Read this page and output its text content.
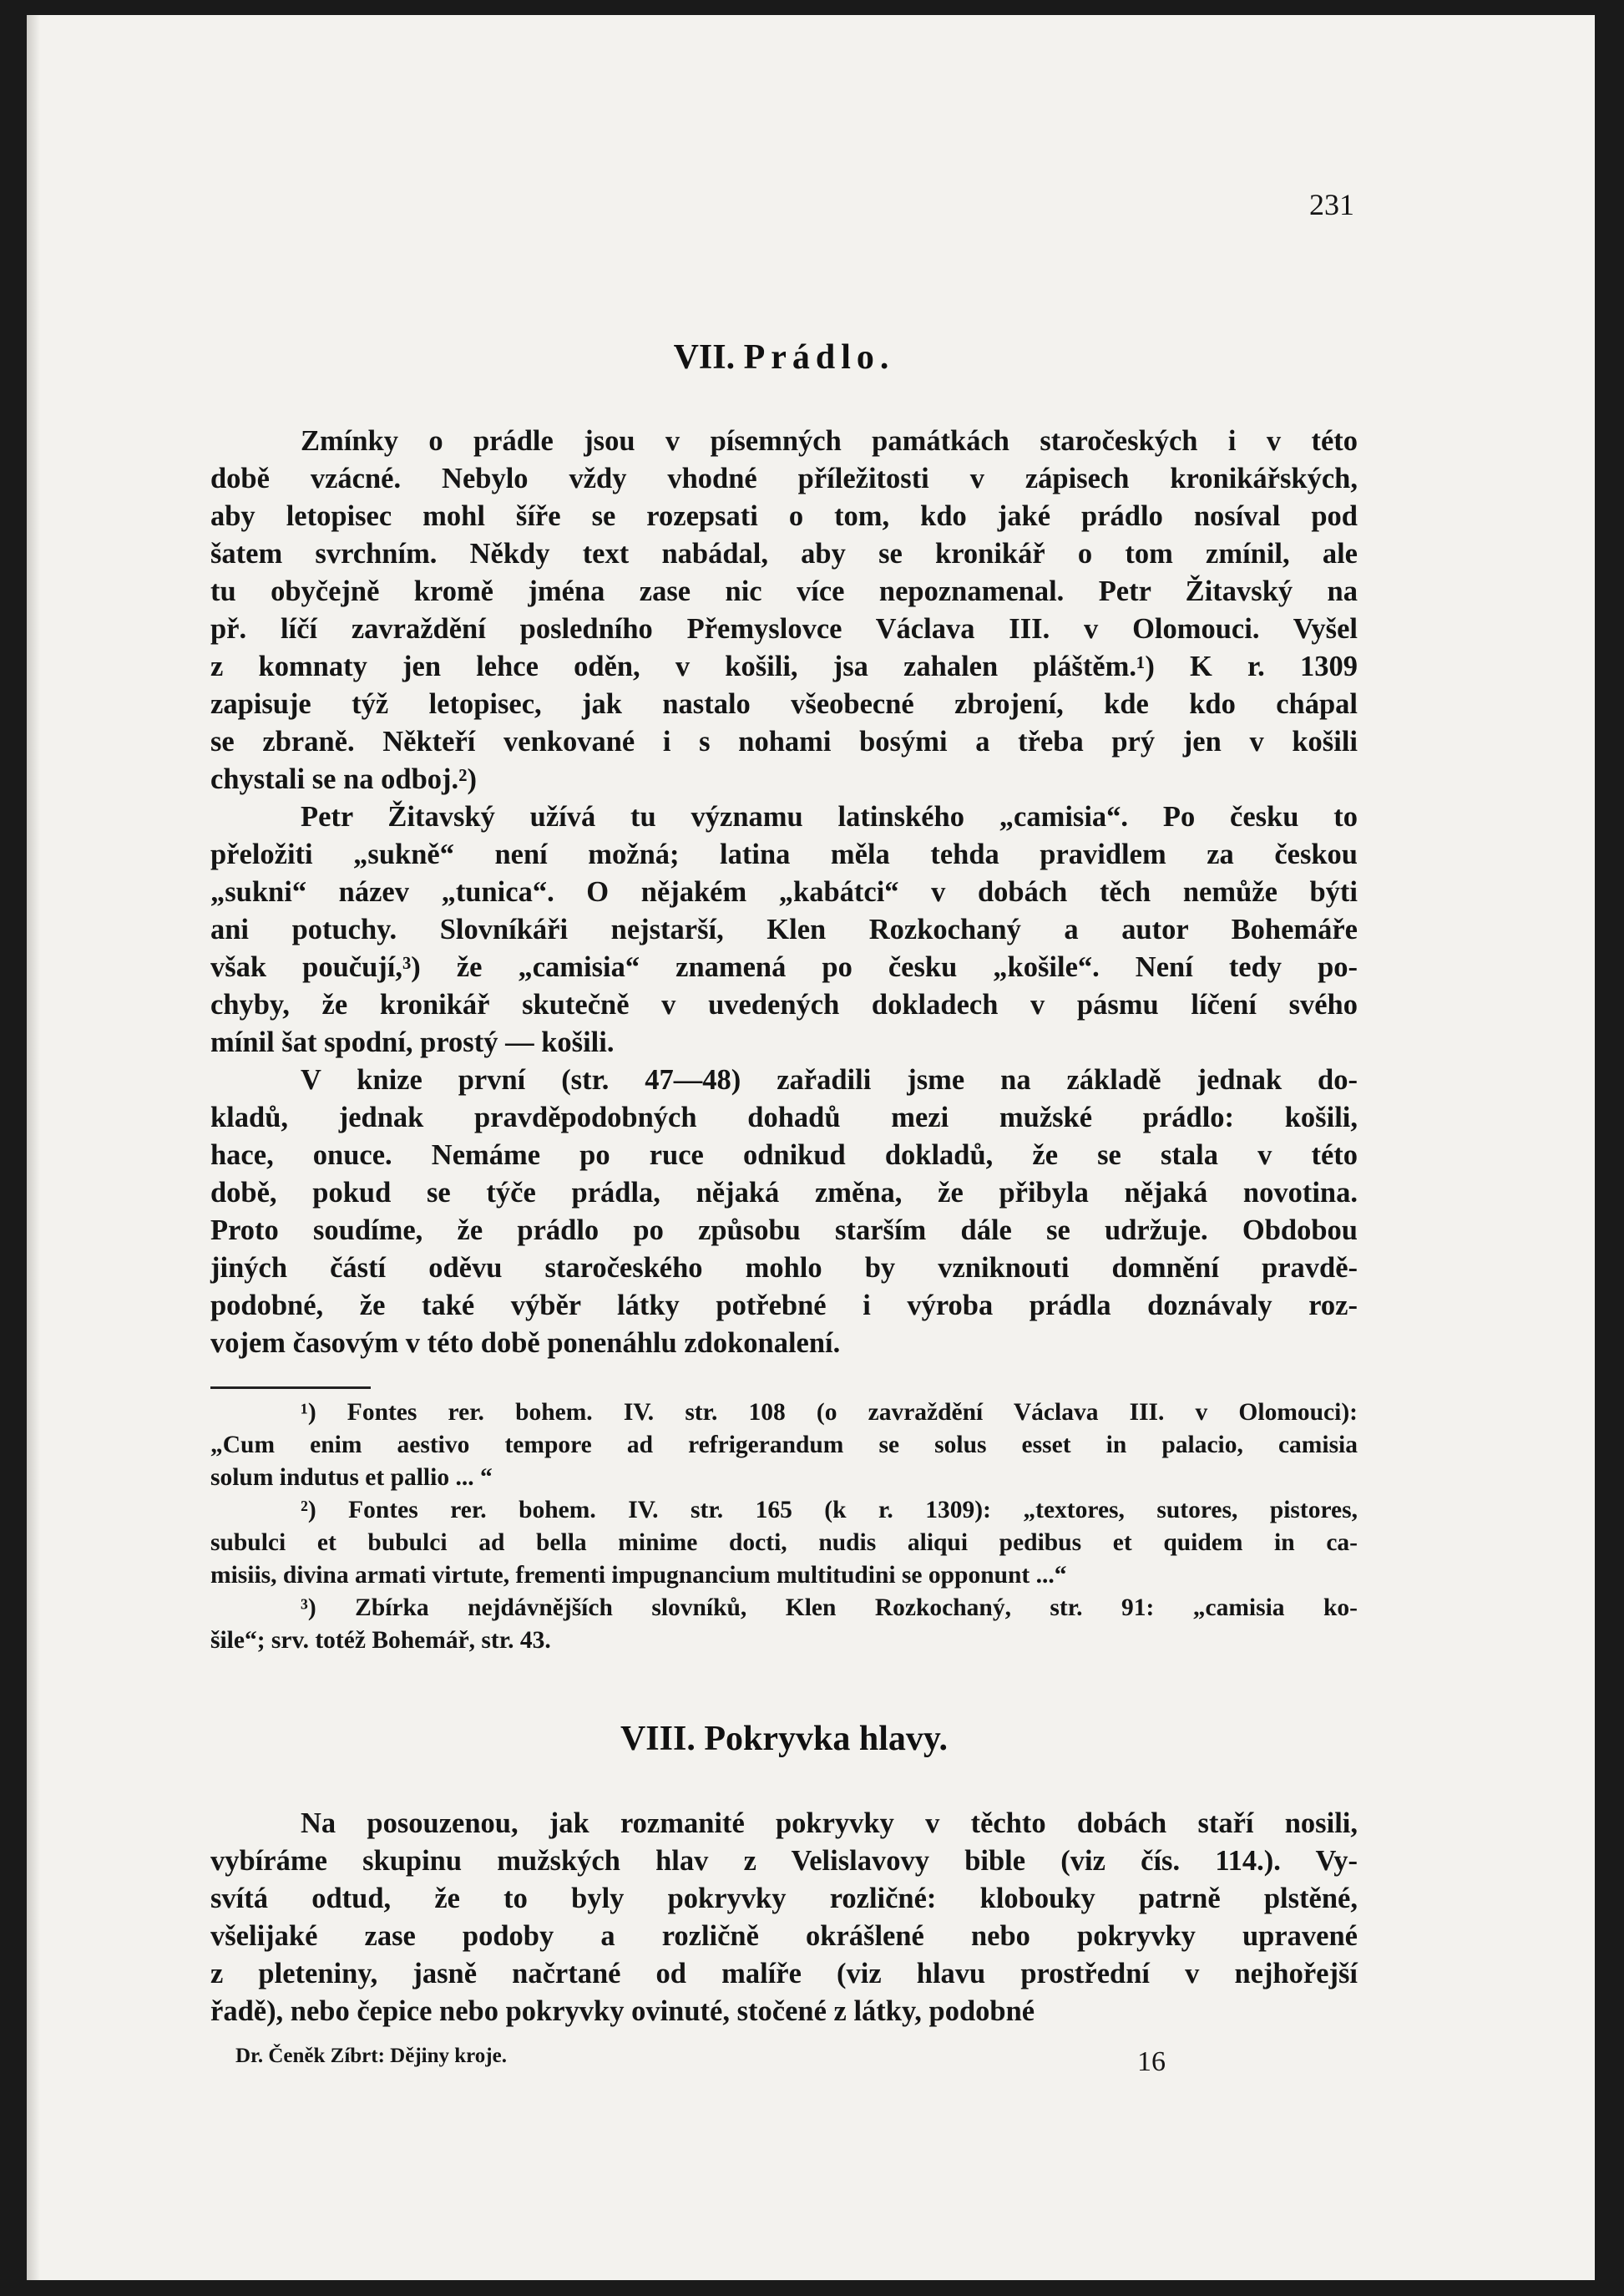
231
VII. Prádlo.
Zmínky o prádle jsou v písemných památkách staročeských i v této
době vzácné. Nebylo vždy vhodné příležitosti v zápisech kronikářských,
aby letopisec mohl šíře se rozepsati o tom, kdo jaké prádlo nosíval pod
šatem svrchním. Někdy text nabádal, aby se kronikář o tom zmínil, ale
tu obyčejně kromě jména zase nic více nepoznamenal. Petr Žitavský na
př. líčí zavraždění posledního Přemyslovce Václava III. v Olomouci. Vyšel
z komnaty jen lehce oděn, v košili, jsa zahalen pláštěm.¹) K r. 1309
zapisuje týž letopisec, jak nastalo všeobecné zbrojení, kde kdo chápal
se zbraně. Někteří venkované i s nohami bosými a třeba prý jen v košili
chystali se na odboj.²)
Petr Žitavský užívá tu významu latinského „camisia“. Po česku to
přeložiti „sukně“ není možná; latina měla tehda pravidlem za českou
„sukni“ název „tunica“. O nějakém „kabátci“ v dobách těch nemůže býti
ani potuchy. Slovníkáři nejstarší, Klen Rozkochaný a autor Bohemáře
však poučují,³) že „camisia“ znamená po česku „košile“. Není tedy po-
chyby, že kronikář skutečně v uvedených dokladech v pásmu líčení svého
mínil šat spodní, prostý — košili.
V knize první (str. 47—48) zařadili jsme na základě jednak do-
kladů, jednak pravděpodobných dohadů mezi mužské prádlo: košili,
hace, onuce. Nemáme po ruce odnikud dokladů, že se stala v této
době, pokud se týče prádla, nějaká změna, že přibyla nějaká novotina.
Proto soudíme, že prádlo po způsobu starším dále se udržuje. Obdobou
jiných částí oděvu staročeského mohlo by vzniknouti domnění pravdě-
podobné, že také výběr látky potřebné i výroba prádla doznávaly roz-
vojem časovým v této době ponenáhlu zdokonalení.
¹) Fontes rer. bohem. IV. str. 108 (o zavraždění Václava III. v Olomouci):
„Cum enim aestivo tempore ad refrigerandum se solus esset in palacio, camisia
solum indutus et pallio ... “
²) Fontes rer. bohem. IV. str. 165 (k r. 1309): „textores, sutores, pistores,
subulci et bubulci ad bella minime docti, nudis aliqui pedibus et quidem in ca-
misiis, divina armati virtute, frementi impugnancium multitudini se opponunt ...“
³) Zbírka nejdávnějších slovníků, Klen Rozkochaný, str. 91: „camisia ko-
šile“; srv. totéž Bohemář, str. 43.
VIII. Pokryvka hlavy.
Na posouzenou, jak rozmanité pokryvky v těchto dobách staří nosili,
vybíráme skupinu mužských hlav z Velislavovy bible (viz čís. 114.). Vy-
svítá odtud, že to byly pokryvky rozličné: klobouky patrně plstěné,
všelijaké zase podoby a rozličně okrášlené nebo pokryvky upravené
z pleteniny, jasně načrtané od malíře (viz hlavu prostřední v nejhořejší
řadě), nebo čepice nebo pokryvky ovinuté, stočené z látky, podobné
Dr. Čeněk Zíbrt: Dějiny kroje.	16
